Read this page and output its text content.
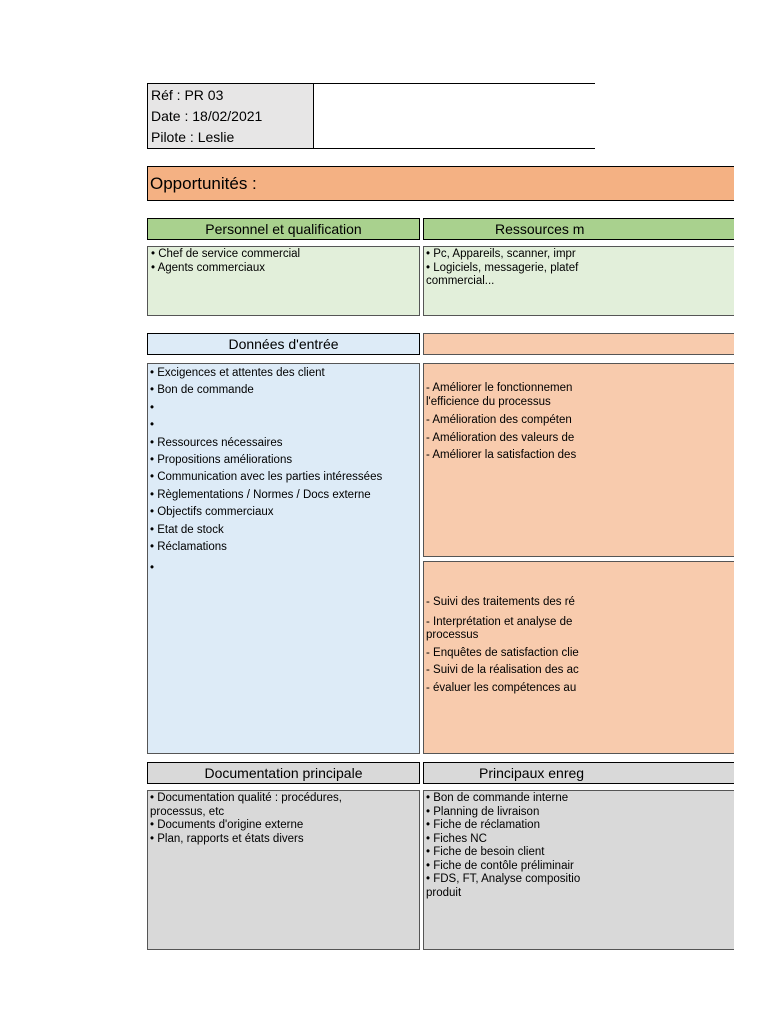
Réf : PR 03
Date : 18/02/2021
Pilote : Leslie
Opportunités :
Personnel et qualification
• Chef de service commercial
• Agents commerciaux
Ressources m
• Pc, Appareils, scanner, impr
• Logiciels, messagerie, platef
commercial...
Données d'entrée
• Excigences et attentes des client
• Bon de commande
•
•
• Ressources nécessaires
• Propositions améliorations
• Communication avec les parties intéressées
• Règlementations / Normes / Docs externe
• Objectifs commerciaux
• Etat de stock
• Réclamations
•
- Améliorer le fonctionnemen
l'efficience du processus
- Amélioration des compéten
- Amélioration des valeurs de
- Améliorer la satisfaction des
- Suivi des traitements des ré
- Interprétation et analyse de
processus
- Enquêtes de satisfaction clie
- Suivi de la réalisation des ac
- évaluer les compétences au
Documentation principale
• Documentation qualité : procédures,
processus, etc
• Documents d'origine externe
• Plan, rapports et états divers
Principaux enreg
• Bon de commande interne
• Planning de livraison
• Fiche de réclamation
• Fiches NC
• Fiche de besoin client
• Fiche de contôle préliminair
• FDS, FT, Analyse compositio
produit
